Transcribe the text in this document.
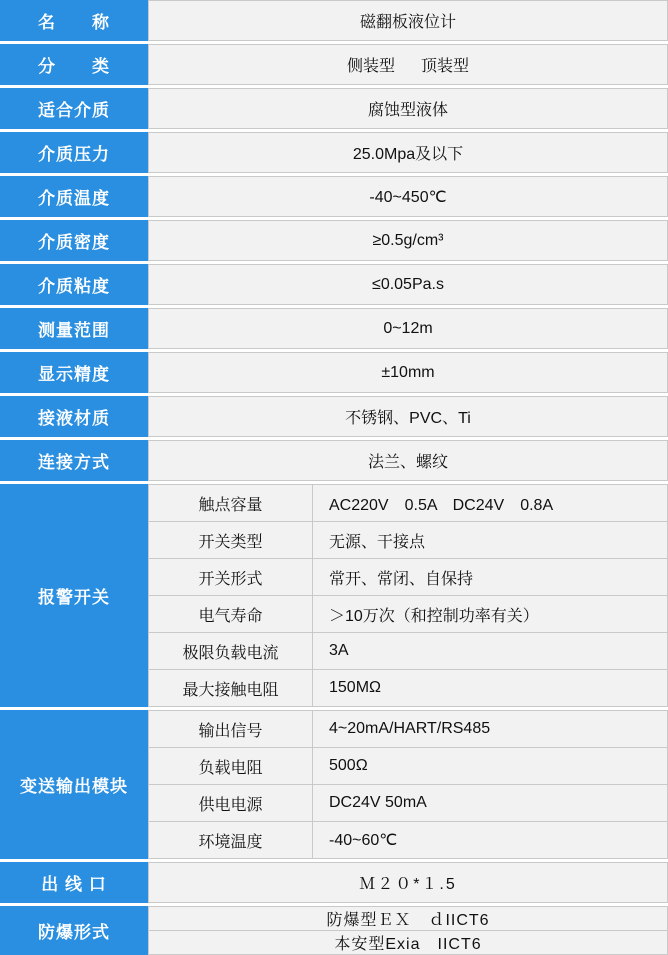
名　　称	磁翻板液位计
分　　类	侧装型 顶装型
适合介质	腐蚀型液体
介质压力	25.0Mpa及以下
介质温度	-40~450℃
介质密度	≥0.5g/cm³
介质粘度	≤0.05Pa.s
测量范围	0~12m
显示精度	±10mm
接液材质	不锈钢、PVC、Ti
连接方式	法兰、螺纹
报警开关
触点容量	AC220V　0.5A　DC24V　0.8A
开关类型	无源、干接点
开关形式	常开、常闭、自保持
电气寿命	＞10万次（和控制功率有关）
极限负载电流	3A
最大接触电阻	150MΩ
变送输出模块
输出信号	4~20mA/HART/RS485
负载电阻	500Ω
供电电源	DC24V 50mA
环境温度	-40~60℃
出 线 口	Ｍ２０*１.5
防爆形式
防爆型ＥＸ　ｄIICT6
本安型Exia　IICT6
